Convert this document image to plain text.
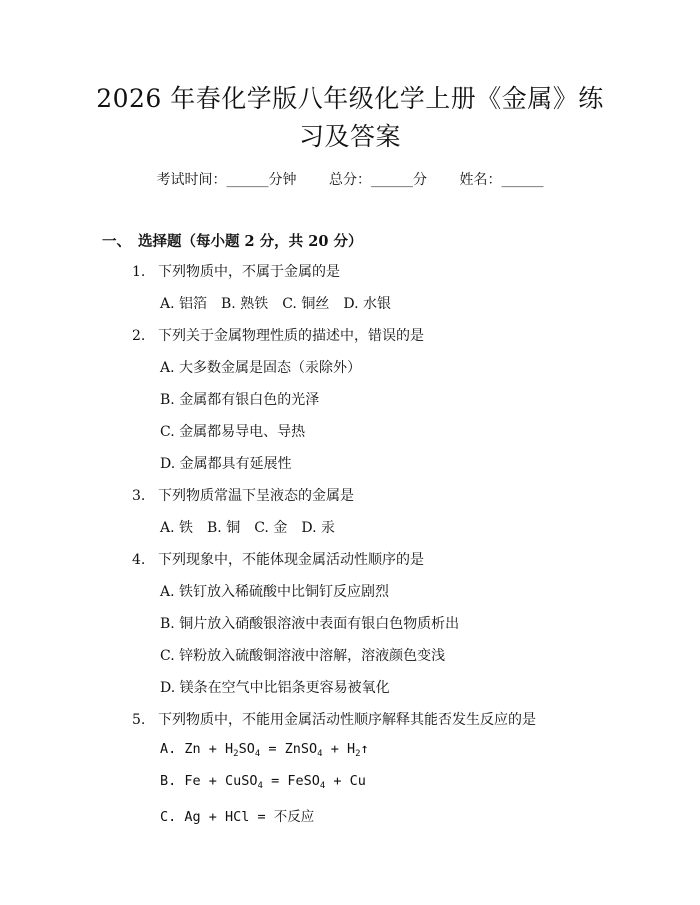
2026 年春化学版八年级化学上册《金属》练
习及答案
考试时间：______分钟 总分：______分 姓名：______
一、 选择题（每小题 2 分，共 20 分）
1. 下列物质中，不属于金属的是
A. 铝箔 B. 熟铁 C. 铜丝 D. 水银
2. 下列关于金属物理性质的描述中，错误的是
A. 大多数金属是固态（汞除外）
B. 金属都有银白色的光泽
C. 金属都易导电、导热
D. 金属都具有延展性
3. 下列物质常温下呈液态的金属是
A. 铁 B. 铜 C. 金 D. 汞
4. 下列现象中，不能体现金属活动性顺序的是
A. 铁钉放入稀硫酸中比铜钉反应剧烈
B. 铜片放入硝酸银溶液中表面有银白色物质析出
C. 锌粉放入硫酸铜溶液中溶解，溶液颜色变浅
D. 镁条在空气中比铝条更容易被氧化
5. 下列物质中，不能用金属活动性顺序解释其能否发生反应的是
A. $Zn + H_2SO_4$ = ZnSO$_4$ + $H_2↑$
B. Fe + CuSO$_4$ = FeSO$_4$ + Cu
C. Ag + HCl = 不反应
